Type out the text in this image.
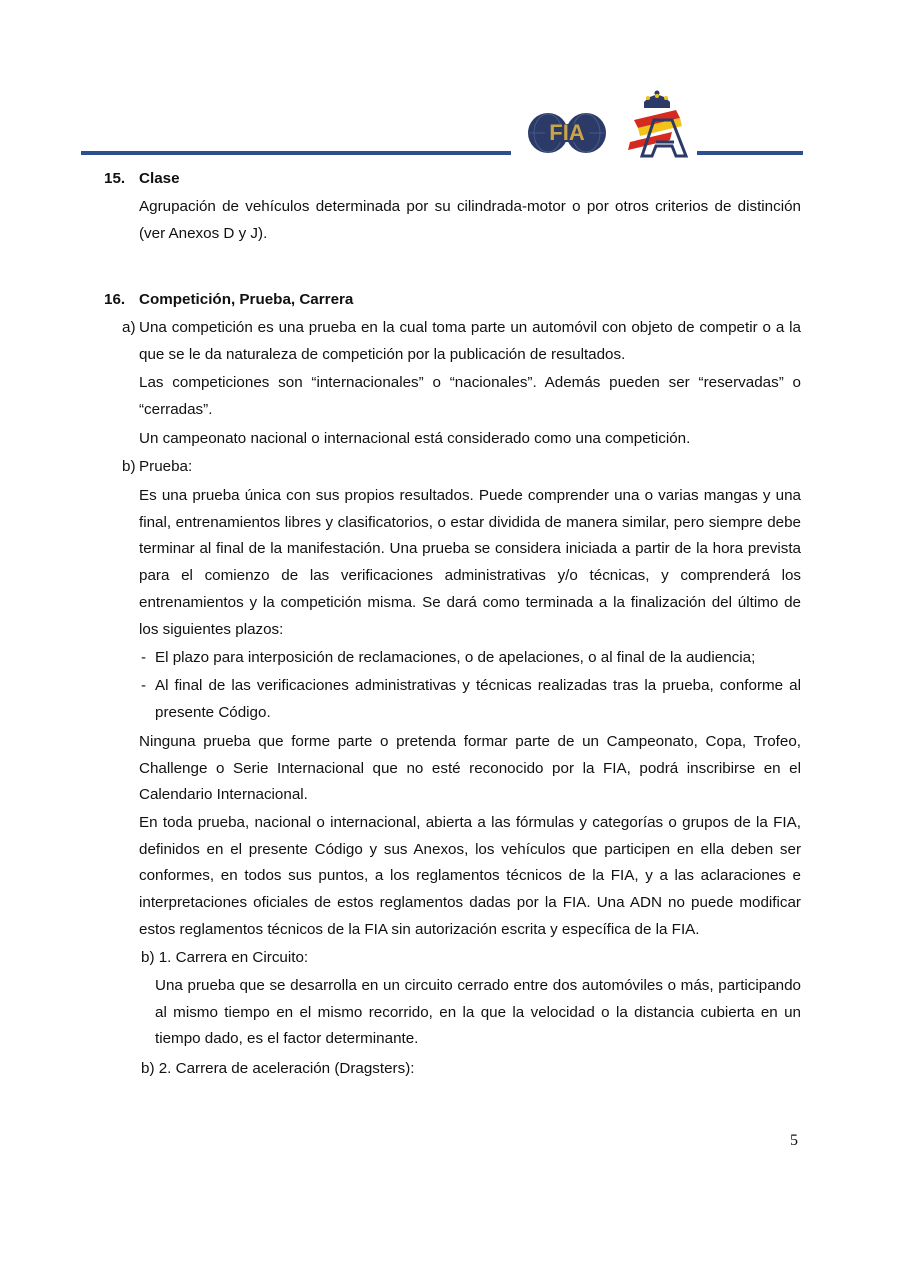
FIA
15. Clase

Agrupación de vehículos determinada por su cilindrada-motor o por otros criterios de distinción (ver Anexos D y J).

16. Competición, Prueba, Carrera
a) Una competición es una prueba en la cual toma parte un automóvil con objeto de competir o a la que se le da naturaleza de competición por la publicación de resultados.

Las competiciones son “internacionales” o “nacionales”. Además pueden ser “reservadas” o “cerradas”.

Un campeonato nacional o internacional está considerado como una competición.

b) Prueba:

Es una prueba única con sus propios resultados. Puede comprender una o varias mangas y una final, entrenamientos libres y clasificatorios, o estar dividida de manera similar, pero siempre debe terminar al final de la manifestación. Una prueba se considera iniciada a partir de la hora prevista para el comienzo de las verificaciones administrativas y/o técnicas, y comprenderá los entrenamientos y la competición misma. Se dará como terminada a la finalización del último de los siguientes plazos:

- El plazo para interposición de reclamaciones, o de apelaciones, o al final de la audiencia;

- Al final de las verificaciones administrativas y técnicas realizadas tras la prueba, conforme al presente Código.

Ninguna prueba que forme parte o pretenda formar parte de un Campeonato, Copa, Trofeo, Challenge o Serie Internacional que no esté reconocido por la FIA, podrá inscribirse en el Calendario Internacional.

En toda prueba, nacional o internacional, abierta a las fórmulas y categorías o grupos de la FIA, definidos en el presente Código y sus Anexos, los vehículos que participen en ella deben ser conformes, en todos sus puntos, a los reglamentos técnicos de la FIA, y a las aclaraciones e interpretaciones oficiales de estos reglamentos dadas por la FIA. Una ADN no puede modificar estos reglamentos técnicos de la FIA sin autorización escrita y específica de la FIA.

b) 1. Carrera en Circuito:

Una prueba que se desarrolla en un circuito cerrado entre dos automóviles o más, participando al mismo tiempo en el mismo recorrido, en la que la velocidad o la distancia cubierta en un tiempo dado, es el factor determinante.

b) 2. Carrera de aceleración (Dragsters):
5
